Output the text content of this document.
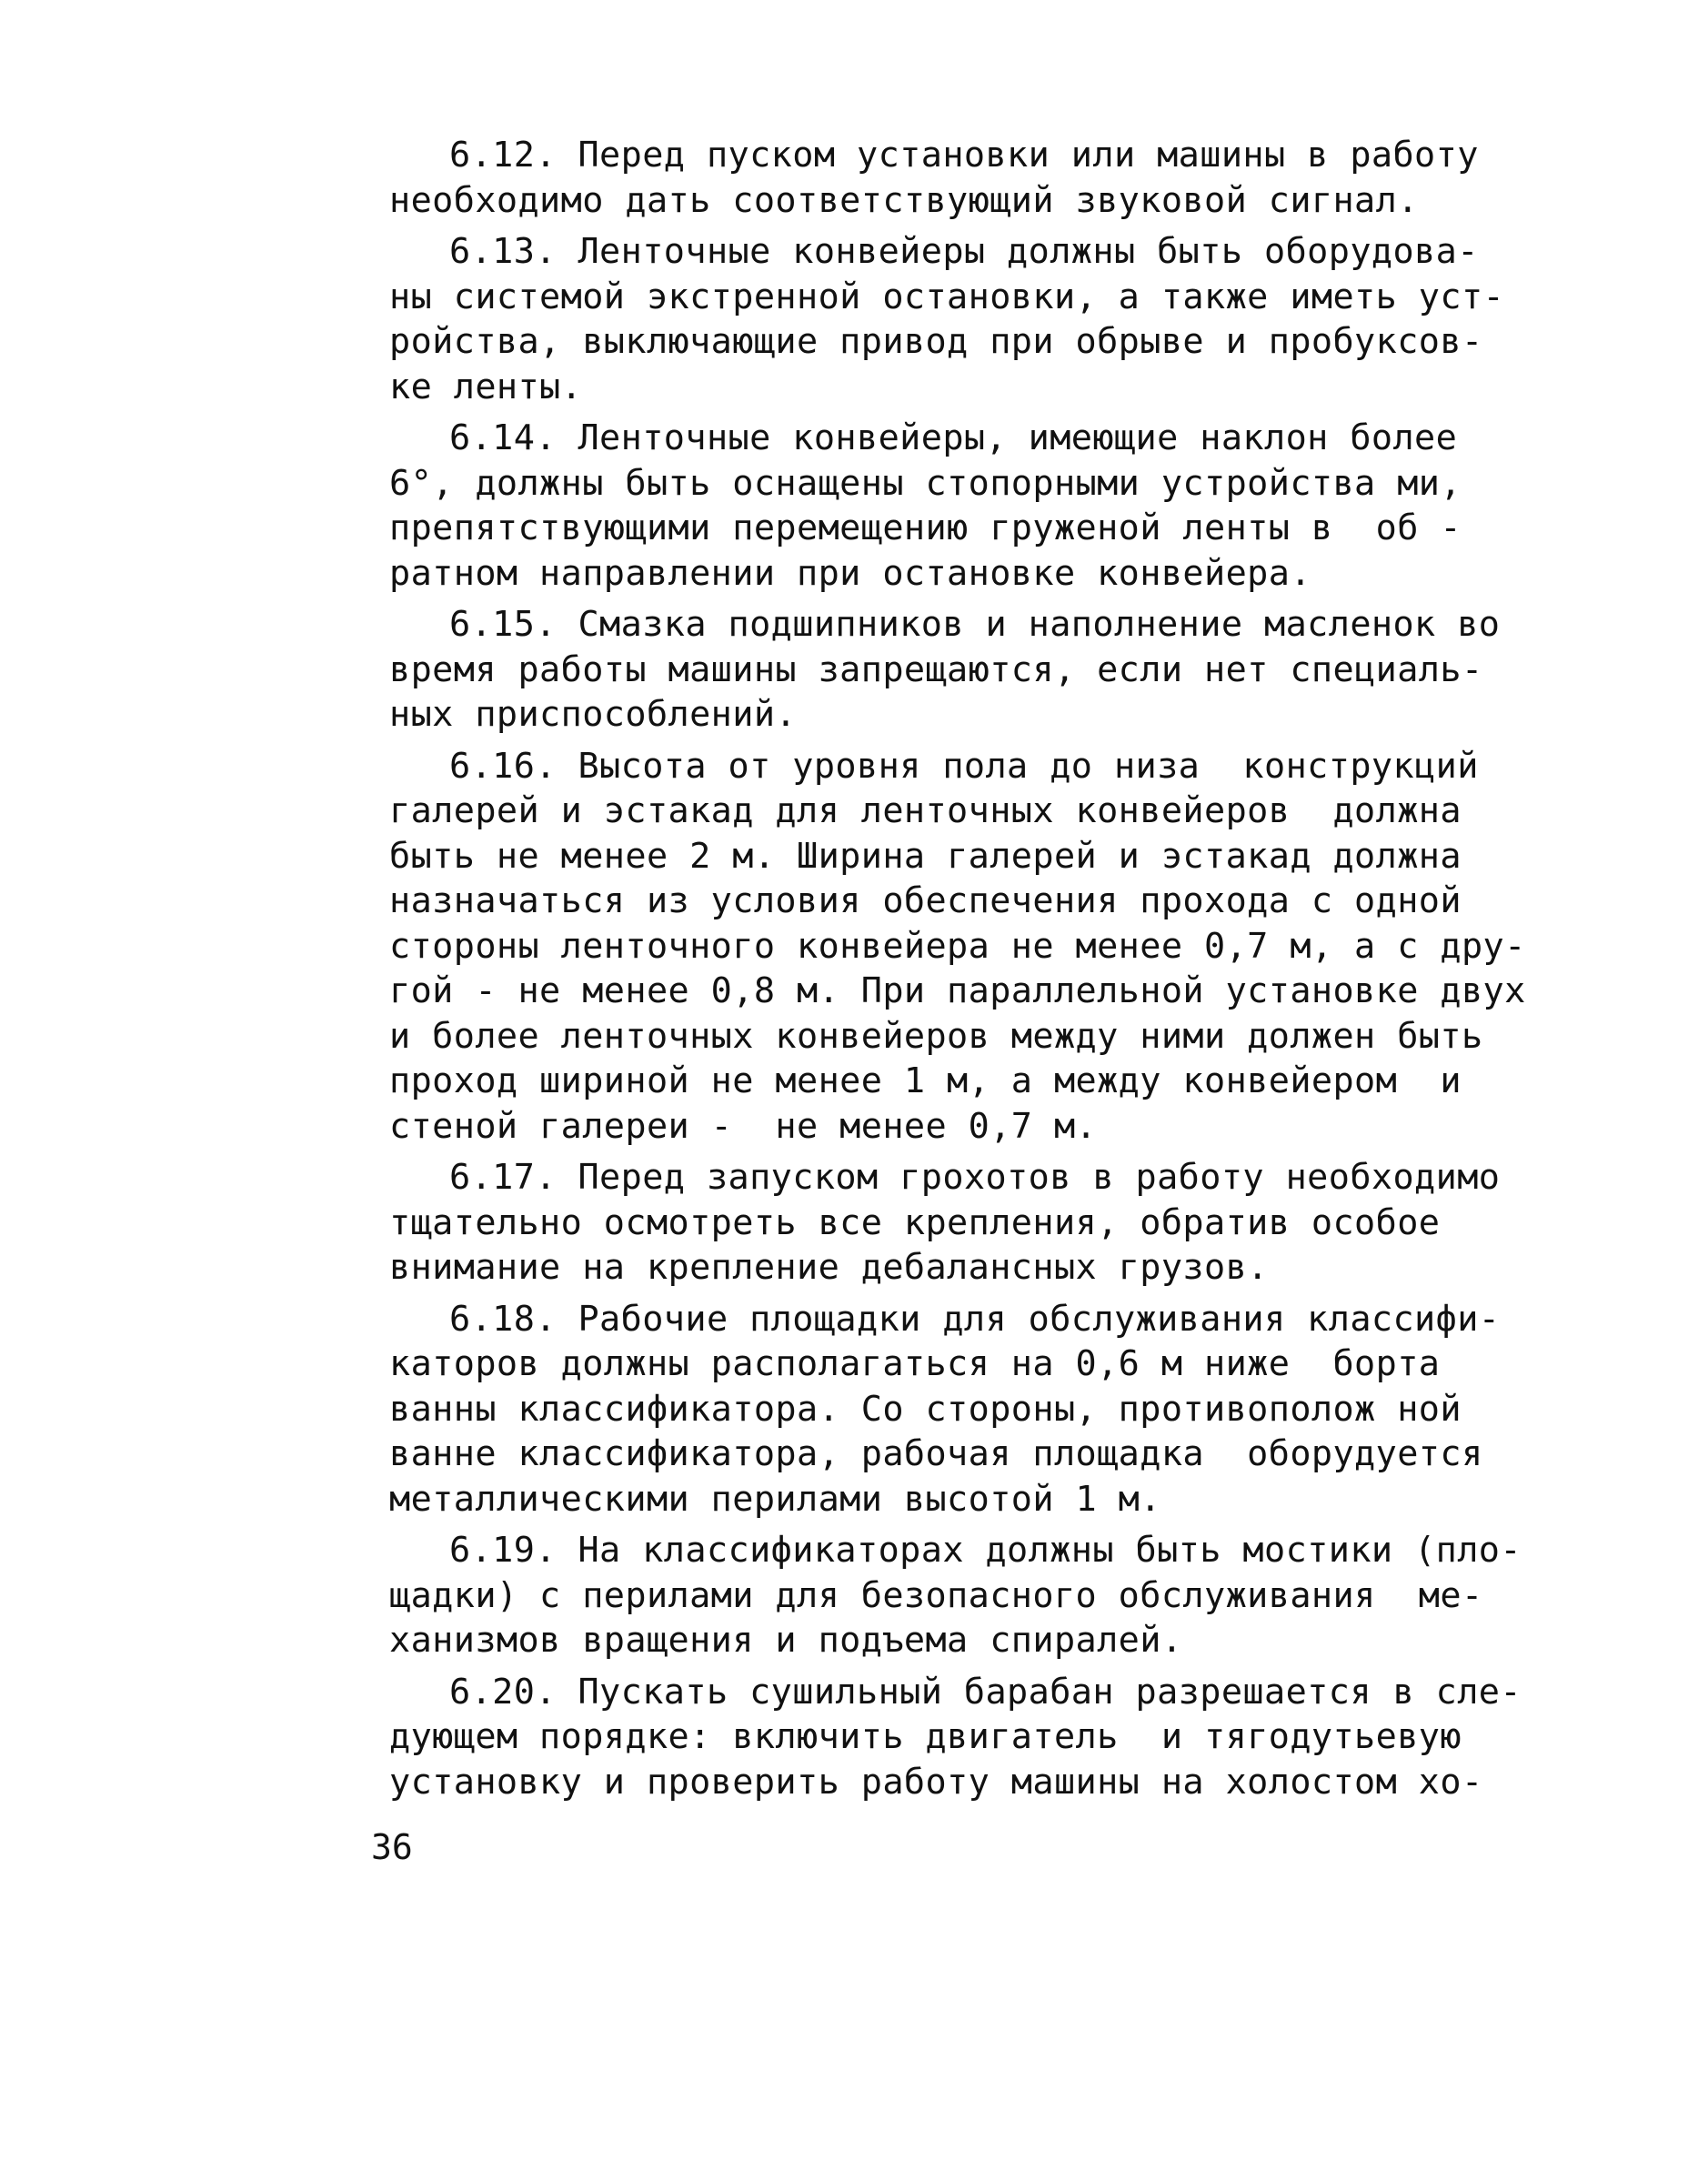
6.12. Перед пуском установки или машины в работу
необходимо дать соответствующий звуковой сигнал.
6.13. Ленточные конвейеры должны быть оборудова-
ны системой экстренной остановки, а также иметь уст-
ройства, выключающие привод при обрыве и пробуксов-
ке ленты.
6.14. Ленточные конвейеры, имеющие наклон более
6°, должны быть оснащены стопорными устройства ми,
препятствующими перемещению груженой ленты в  об -
ратном направлении при остановке конвейера.
6.15. Смазка подшипников и наполнение масленок во
время работы машины запрещаются, если нет специаль-
ных приспособлений.
6.16. Высота от уровня пола до низа  конструкций
галерей и эстакад для ленточных конвейеров  должна
быть не менее 2 м. Ширина галерей и эстакад должна
назначаться из условия обеспечения прохода с одной
стороны ленточного конвейера не менее 0,7 м, а с дру-
гой - не менее 0,8 м. При параллельной установке двух
и более ленточных конвейеров между ними должен быть
проход шириной не менее 1 м, а между конвейером  и
стеной галереи -  не менее 0,7 м.
6.17. Перед запуском грохотов в работу необходимо
тщательно осмотреть все крепления, обратив особое
внимание на крепление дебалансных грузов.
6.18. Рабочие площадки для обслуживания классифи-
каторов должны располагаться на 0,6 м ниже  борта
ванны классификатора. Со стороны, противополож ной
ванне классификатора, рабочая площадка  оборудуется
металлическими перилами высотой 1 м.
6.19. На классификаторах должны быть мостики (пло-
щадки) с перилами для безопасного обслуживания  ме-
ханизмов вращения и подъема спиралей.
6.20. Пускать сушильный барабан разрешается в сле-
дующем порядке: включить двигатель  и тягодутьевую
установку и проверить работу машины на холостом хо-
36
